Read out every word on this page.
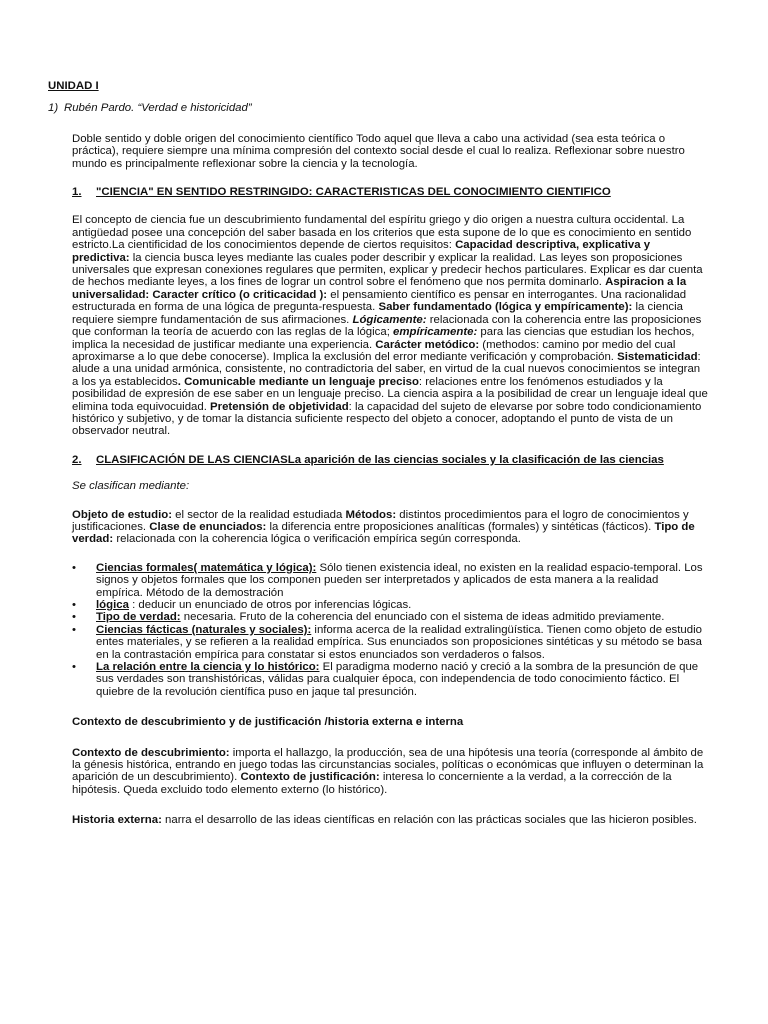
UNIDAD I

1) Rubén Pardo. “Verdad e historicidad”

Doble sentido y doble origen del conocimiento científico Todo aquel que lleva a cabo una actividad (sea esta teórica o práctica), requiere siempre una mínima compresión del contexto social desde el cual lo realiza. Reflexionar sobre nuestro mundo es principalmente reflexionar sobre la ciencia y la tecnología.

1. "CIENCIA" EN SENTIDO RESTRINGIDO: CARACTERISTICAS DEL CONOCIMIENTO CIENTIFICO

El concepto de ciencia fue un descubrimiento fundamental del espíritu griego y dio origen a nuestra cultura occidental. La antigüedad posee una concepción del saber basada en los criterios que esta supone de lo que es conocimiento en sentido estricto.La cientificidad de los conocimientos depende de ciertos requisitos: Capacidad descriptiva, explicativa y predictiva: la ciencia busca leyes mediante las cuales poder describir y explicar la realidad. Las leyes son proposiciones universales que expresan conexiones regulares que permiten, explicar y predecir hechos particulares. Explicar es dar cuenta de hechos mediante leyes, a los fines de lograr un control sobre el fenómeno que nos permita dominarlo. Aspiracion a la universalidad: Caracter crítico (o criticacidad ): el pensamiento científico es pensar en interrogantes. Una racionalidad estructurada en forma de una lógica de pregunta-respuesta. Saber fundamentado (lógica y empíricamente): la ciencia requiere siempre fundamentación de sus afirmaciones. Lógicamente: relacionada con la coherencia entre las proposiciones que conforman la teoría de acuerdo con las reglas de la lógica; empíricamente: para las ciencias que estudian los hechos, implica la necesidad de justificar mediante una experiencia. Carácter metódico: (methodos: camino por medio del cual aproximarse a lo que debe conocerse). Implica la exclusión del error mediante verificación y comprobación. Sistematicidad: alude a una unidad armónica, consistente, no contradictoria del saber, en virtud de la cual nuevos conocimientos se integran a los ya establecidos. Comunicable mediante un lenguaje preciso: relaciones entre los fenómenos estudiados y la posibilidad de expresión de ese saber en un lenguaje preciso. La ciencia aspira a la posibilidad de crear un lenguaje ideal que elimina toda equivocuidad. Pretensión de objetividad: la capacidad del sujeto de elevarse por sobre todo condicionamiento histórico y subjetivo, y de tomar la distancia suficiente respecto del objeto a conocer, adoptando el punto de vista de un observador neutral.

2. CLASIFICACIÓN DE LAS CIENCIASLa aparición de las ciencias sociales y la clasificación de las ciencias

Se clasifican mediante:

Objeto de estudio: el sector de la realidad estudiada Métodos: distintos procedimientos para el logro de conocimientos y justificaciones. Clase de enunciados: la diferencia entre proposiciones analíticas (formales) y sintéticas (fácticos). Tipo de verdad: relacionada con la coherencia lógica o verificación empírica según corresponda.

• Ciencias formales( matemática y lógica): Sólo tienen existencia ideal, no existen en la realidad espacio-temporal. Los signos y objetos formales que los componen pueden ser interpretados y aplicados de esta manera a la realidad empírica. Método de la demostración
• lógica : deducir un enunciado de otros por inferencias lógicas.
• Tipo de verdad: necesaria. Fruto de la coherencia del enunciado con el sistema de ideas admitido previamente.
• Ciencias fácticas (naturales y sociales): informa acerca de la realidad extralingüística. Tienen como objeto de estudio entes materiales, y se refieren a la realidad empírica. Sus enunciados son proposiciones sintéticas y su método se basa en la contrastación empírica para constatar si estos enunciados son verdaderos o falsos.
• La relación entre la ciencia y lo histórico: El paradigma moderno nació y creció a la sombra de la presunción de que sus verdades son transhistóricas, válidas para cualquier época, con independencia de todo conocimiento fáctico. El quiebre de la revolución científica puso en jaque tal presunción.

Contexto de descubrimiento y de justificación /historia externa e interna

Contexto de descubrimiento: importa el hallazgo, la producción, sea de una hipótesis una teoría (corresponde al ámbito de la génesis histórica, entrando en juego todas las circunstancias sociales, políticas o económicas que influyen o determinan la aparición de un descubrimiento). Contexto de justificación: interesa lo concerniente a la verdad, a la corrección de la hipótesis. Queda excluido todo elemento externo (lo histórico).

Historia externa: narra el desarrollo de las ideas científicas en relación con las prácticas sociales que las hicieron posibles.
